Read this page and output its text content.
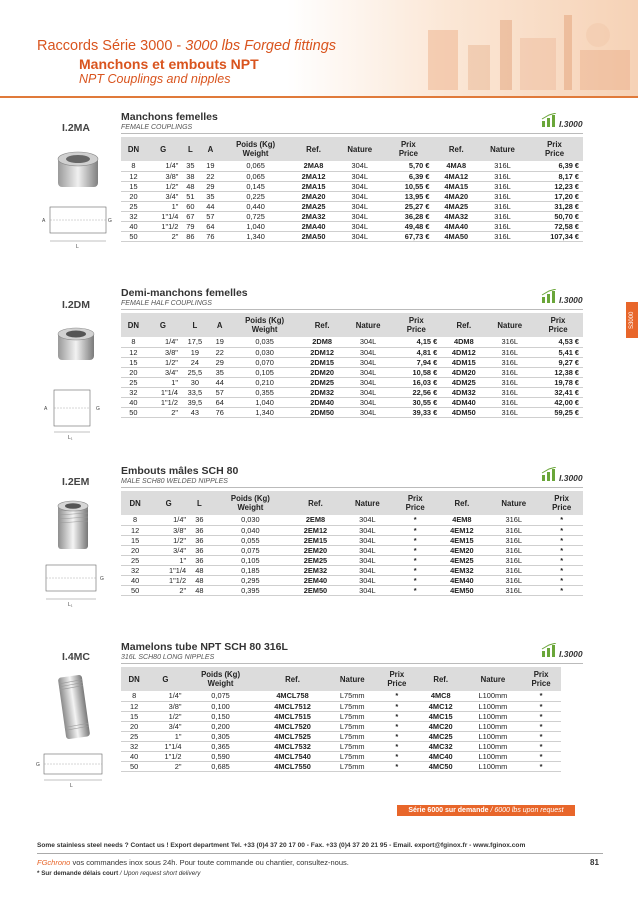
Raccords Série 3000 - 3000 lbs Forged fittings
Manchons et embouts NPT
NPT Couplings and nipples
S3000
I.2MA
Manchons femelles
FEMALE COUPLINGS	I.3000
L
A	G
DN	G	L	A	Poids (Kg)
Weight	Ref.	Nature	Prix
Price	Ref.	Nature	Prix
Price
8	1/4"	35	19	0,065	2MA8	304L	5,70 €	4MA8	316L	6,39 €
12	3/8"	38	22	0,065	2MA12	304L	6,39 €	4MA12	316L	8,17 €
15	1/2"	48	29	0,145	2MA15	304L	10,55 €	4MA15	316L	12,23 €
20	3/4"	51	35	0,225	2MA20	304L	13,95 €	4MA20	316L	17,20 €
25	1"	60	44	0,440	2MA25	304L	25,27 €	4MA25	316L	31,28 €
32	1"1/4	67	57	0,725	2MA32	304L	36,28 €	4MA32	316L	50,70 €
40	1"1/2	79	64	1,040	2MA40	304L	49,48 €	4MA40	316L	72,58 €
50	2"	86	76	1,340	2MA50	304L	67,73 €	4MA50	316L	107,34 €
I.2DM
Demi-manchons femelles
FEMALE HALF COUPLINGS	I.3000
L₁
A	G
DN	G	L	A	Poids (Kg)
Weight	Ref.	Nature	Prix
Price	Ref.	Nature	Prix
Price
8	1/4"	17,5	19	0,035	2DM8	304L	4,15 €	4DM8	316L	4,53 €
12	3/8"	19	22	0,030	2DM12	304L	4,81 €	4DM12	316L	5,41 €
15	1/2"	24	29	0,070	2DM15	304L	7,94 €	4DM15	316L	9,27 €
20	3/4"	25,5	35	0,105	2DM20	304L	10,58 €	4DM20	316L	12,38 €
25	1"	30	44	0,210	2DM25	304L	16,03 €	4DM25	316L	19,78 €
32	1"1/4	33,5	57	0,355	2DM32	304L	22,56 €	4DM32	316L	32,41 €
40	1"1/2	39,5	64	1,040	2DM40	304L	30,55 €	4DM40	316L	42,00 €
50	2"	43	76	1,340	2DM50	304L	39,33 €	4DM50	316L	59,25 €
I.2EM
Embouts mâles SCH 80
MALE SCH80 WELDED NIPPLES	I.3000
L₁
G
DN	G	L	Poids (Kg)
Weight	Ref.	Nature	Prix
Price	Ref.	Nature	Prix
Price
8	1/4"	36	0,030	2EM8	304L	*	4EM8	316L	*
12	3/8"	36	0,040	2EM12	304L	*	4EM12	316L	*
15	1/2"	36	0,055	2EM15	304L	*	4EM15	316L	*
20	3/4"	36	0,075	2EM20	304L	*	4EM20	316L	*
25	1"	36	0,105	2EM25	304L	*	4EM25	316L	*
32	1"1/4	48	0,185	2EM32	304L	*	4EM32	316L	*
40	1"1/2	48	0,295	2EM40	304L	*	4EM40	316L	*
50	2"	48	0,395	2EM50	304L	*	4EM50	316L	*
I.4MC
Mamelons tube NPT SCH 80 316L
316L SCH80 LONG NIPPLES	I.3000
L
G
DN	G	Poids (Kg)
Weight	Ref.	Nature	Prix
Price	Ref.	Nature	Prix
Price
8	1/4"	0,075	4MCL758	L75mm	*	4MC8	L100mm	*
12	3/8"	0,100	4MCL7512	L75mm	*	4MC12	L100mm	*
15	1/2"	0,150	4MCL7515	L75mm	*	4MC15	L100mm	*
20	3/4"	0,200	4MCL7520	L75mm	*	4MC20	L100mm	*
25	1"	0,305	4MCL7525	L75mm	*	4MC25	L100mm	*
32	1"1/4	0,365	4MCL7532	L75mm	*	4MC32	L100mm	*
40	1"1/2	0,590	4MCL7540	L75mm	*	4MC40	L100mm	*
50	2"	0,685	4MCL7550	L75mm	*	4MC50	L100mm	*
Série 6000 sur demande / 6000 lbs upon request
Some stainless steel needs ? Contact us ! Export department Tel. +33 (0)4 37 20 17 00 - Fax. +33 (0)4 37 20 21 95 - Email. export@fginox.fr - www.fginox.com
FGchrono vos commandes inox sous 24h. Pour toute commande ou chantier, consultez-nous.
* Sur demande délais court / Upon request short delivery
81
